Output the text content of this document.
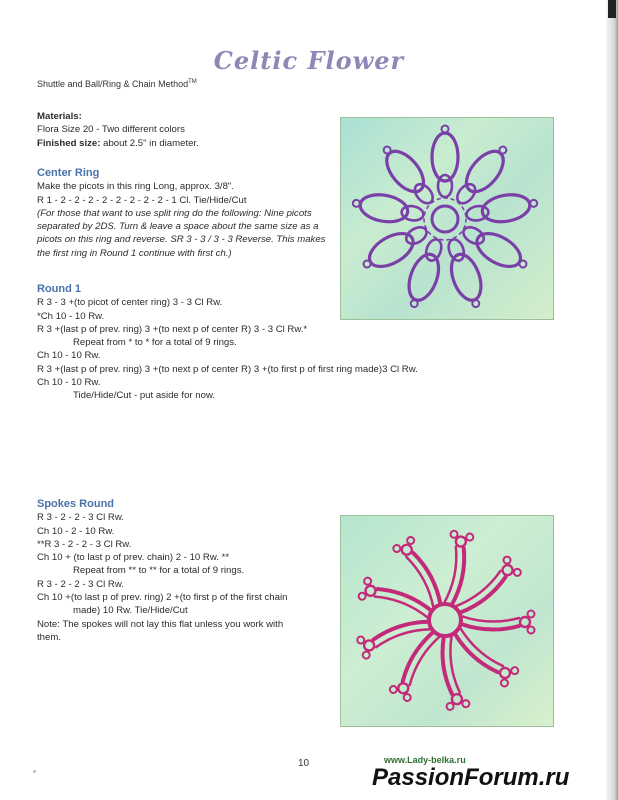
Celtic Flower
Shuttle and Ball/Ring & Chain Method™
Materials:
Flora Size 20 - Two different colors
Finished size: about 2.5" in diameter.
Center Ring
Make the picots in this ring Long, approx. 3/8".
R 1 - 2 - 2 - 2 - 2 - 2 - 2 - 2 - 2 - 1 Cl. Tie/Hide/Cut
(For those that want to use split ring do the following: Nine picots
separated by 2DS. Turn & leave a space about the same size as a
picots on this ring and reverse. SR 3 - 3 / 3 - 3 Reverse. This makes
the first ring in Round 1 continue with first ch.)
Round 1
R 3 - 3 +(to picot of center ring) 3 - 3 Cl Rw.
*Ch 10 - 10 Rw.
R 3 +(last p of prev. ring) 3 +(to next p of center R) 3 - 3 Cl Rw.*
Repeat from * to * for a total of 9 rings.
Ch 10 - 10 Rw.
R 3 +(last p of prev. ring) 3 +(to next p of center R) 3 +(to first p of first ring made)3 Cl Rw.
Ch 10 - 10 Rw.
Tide/Hide/Cut - put aside for now.
Spokes Round
R 3 - 2 - 2 - 3 Cl Rw.
Ch 10 - 2 - 10 Rw.
**R 3 - 2 - 2 - 3 Cl Rw.
Ch 10 + (to last p of prev. chain) 2 - 10 Rw. **
Repeat from ** to ** for a total of 9 rings.
R 3 - 2 - 2 - 3 Cl Rw.
Ch 10 +(to last p of prev. ring) 2 +(to first p of the first chain
made) 10 Rw. Tie/Hide/Cut
Note: The spokes will not lay this flat unless you work with
them.
10	www.Lady-belka.ru
PassionForum.ru
